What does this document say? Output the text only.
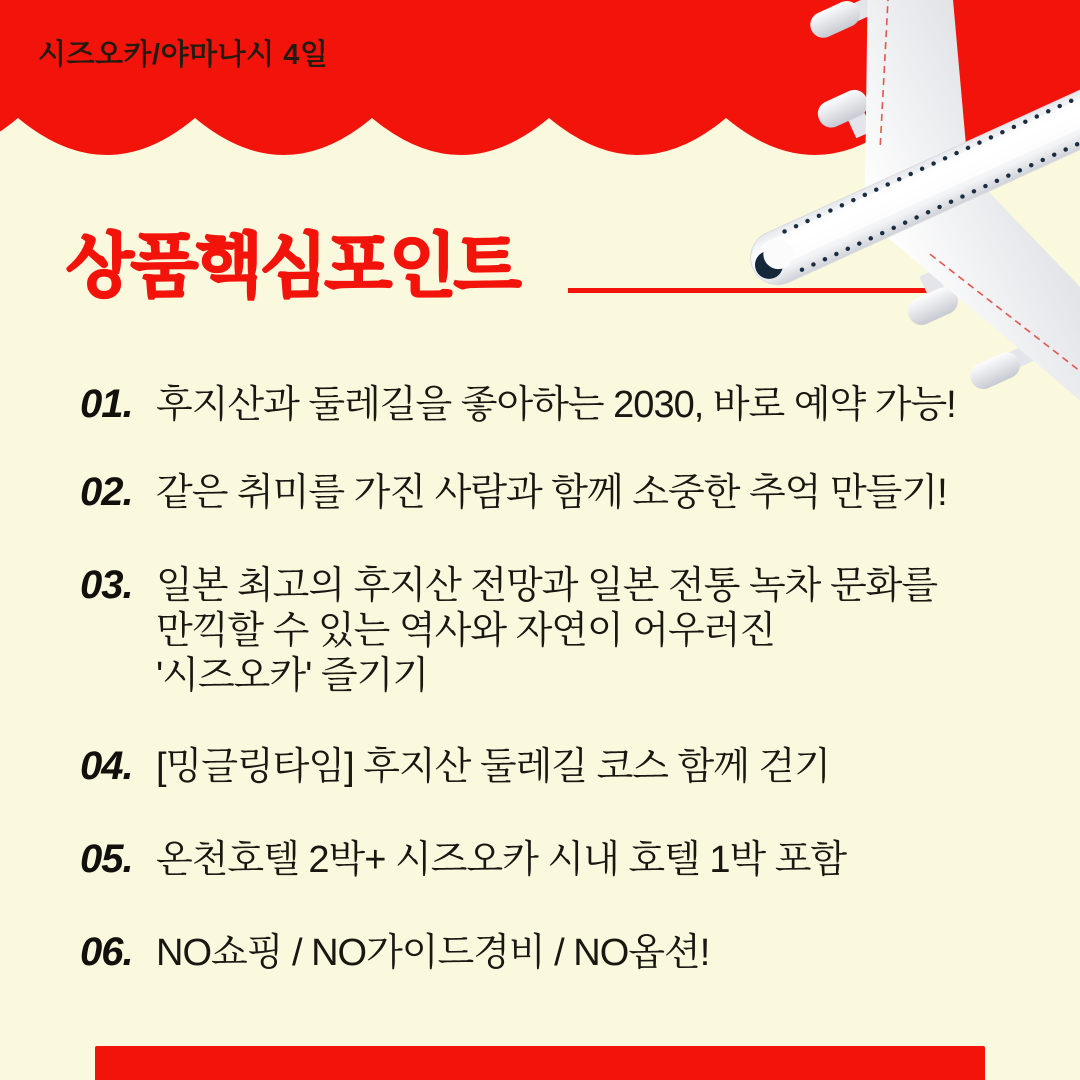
시즈오카/야마나시 4일
상품핵심포인트
01. 후지산과 둘레길을 좋아하는 2030, 바로 예약 가능!
02. 같은 취미를 가진 사람과 함께 소중한 추억 만들기!
03. 일본 최고의 후지산 전망과 일본 전통 녹차 문화를
만끽할 수 있는 역사와 자연이 어우러진
'시즈오카' 즐기기
04. [밍글링타임] 후지산 둘레길 코스 함께 걷기
05. 온천호텔 2박+ 시즈오카 시내 호텔 1박 포함
06. NO쇼핑 / NO가이드경비 / NO옵션!
